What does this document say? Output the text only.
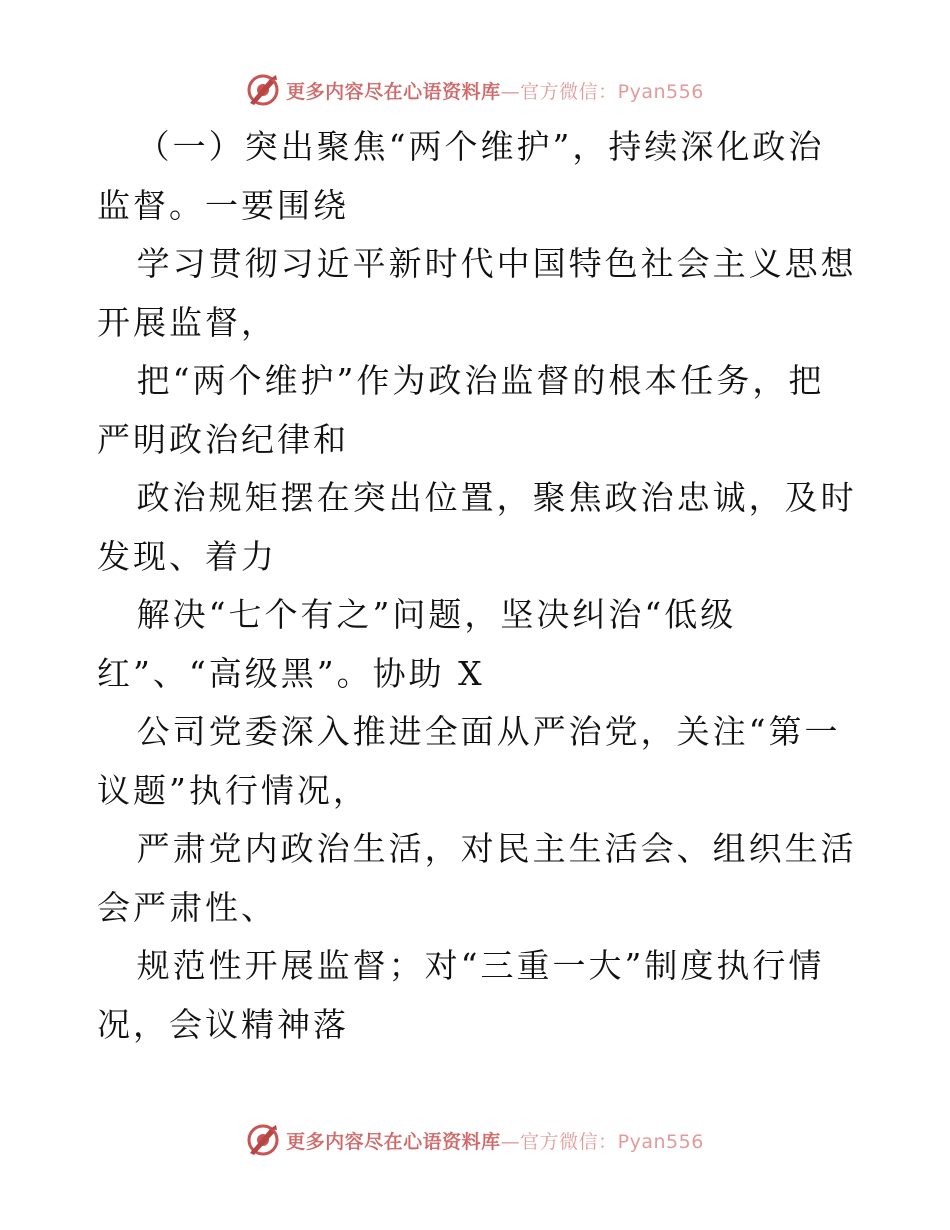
更多内容尽在心语资料库 —官方微信：Pyan556

（一）突出聚焦“两个维护”，持续深化政治监督。一要围绕

学习贯彻习近平新时代中国特色社会主义思想开展监督，

把“两个维护”作为政治监督的根本任务，把严明政治纪律和

政治规矩摆在突出位置，聚焦政治忠诚，及时发现、着力

解决“七个有之”问题，坚决纠治“低级红”、“高级黑”。协助 X

公司党委深入推进全面从严治党，关注“第一议题”执行情况，

严肃党内政治生活，对民主生活会、组织生活会严肃性、

规范性开展监督；对“三重一大”制度执行情况，会议精神落

更多内容尽在心语资料库 —官方微信：Pyan556
